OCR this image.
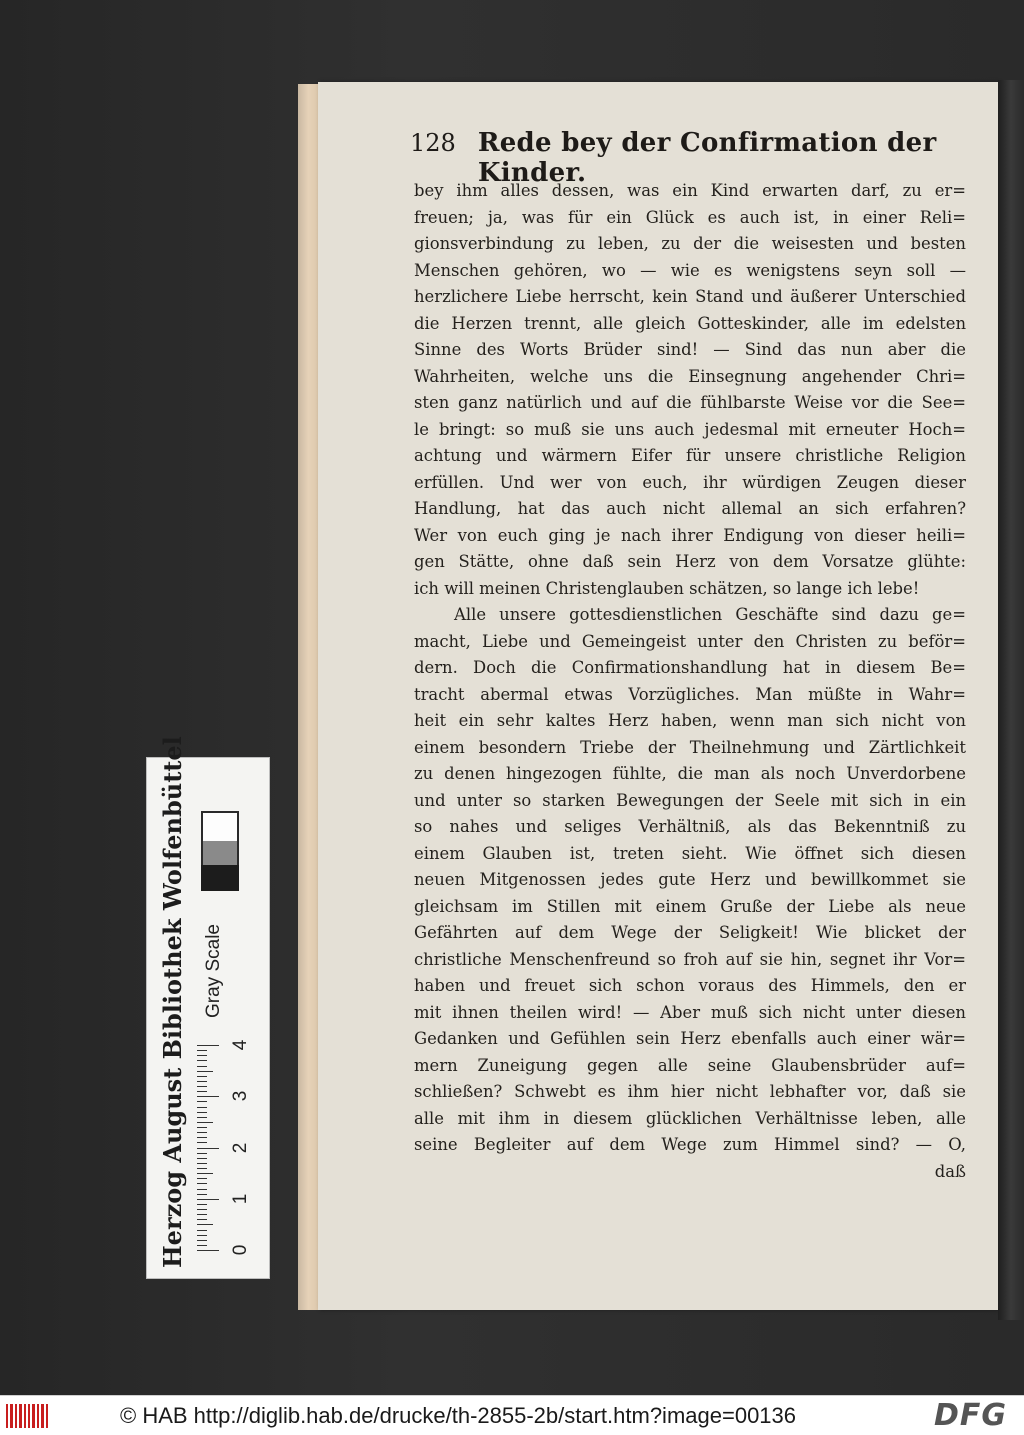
128 Rede bey der Confirmation der Kinder.
bey ihm alles dessen, was ein Kind erwarten darf, zu er=
freuen; ja, was für ein Glück es auch ist, in einer Reli=
gionsverbindung zu leben, zu der die weisesten und besten
Menschen gehören, wo — wie es wenigstens seyn soll —
herzlichere Liebe herrscht, kein Stand und äußerer Unterschied
die Herzen trennt, alle gleich Gotteskinder, alle im edelsten
Sinne des Worts Brüder sind! — Sind das nun aber die
Wahrheiten, welche uns die Einsegnung angehender Chri=
sten ganz natürlich und auf die fühlbarste Weise vor die See=
le bringt: so muß sie uns auch jedesmal mit erneuter Hoch=
achtung und wärmern Eifer für unsere christliche Religion
erfüllen. Und wer von euch, ihr würdigen Zeugen dieser
Handlung, hat das auch nicht allemal an sich erfahren?
Wer von euch ging je nach ihrer Endigung von dieser heili=
gen Stätte, ohne daß sein Herz von dem Vorsatze glühte:
ich will meinen Christenglauben schätzen, so lange ich lebe!
Alle unsere gottesdienstlichen Geschäfte sind dazu ge=
macht, Liebe und Gemeingeist unter den Christen zu beför=
dern. Doch die Confirmationshandlung hat in diesem Be=
tracht abermal etwas Vorzügliches. Man müßte in Wahr=
heit ein sehr kaltes Herz haben, wenn man sich nicht von
einem besondern Triebe der Theilnehmung und Zärtlichkeit
zu denen hingezogen fühlte, die man als noch Unverdorbene
und unter so starken Bewegungen der Seele mit sich in ein
so nahes und seliges Verhältniß, als das Bekenntniß zu
einem Glauben ist, treten sieht. Wie öffnet sich diesen
neuen Mitgenossen jedes gute Herz und bewillkommet sie
gleichsam im Stillen mit einem Gruße der Liebe als neue
Gefährten auf dem Wege der Seligkeit! Wie blicket der
christliche Menschenfreund so froh auf sie hin, segnet ihr Vor=
haben und freuet sich schon voraus des Himmels, den er
mit ihnen theilen wird! — Aber muß sich nicht unter diesen
Gedanken und Gefühlen sein Herz ebenfalls auch einer wär=
mern Zuneigung gegen alle seine Glaubensbrüder auf=
schließen? Schwebt es ihm hier nicht lebhafter vor, daß sie
alle mit ihm in diesem glücklichen Verhältnisse leben, alle
seine Begleiter auf dem Wege zum Himmel sind? — O,
daß
Herzog August Bibliothek Wolfenbüttel Gray Scale
0
1
2
3
4
© HAB http://diglib.hab.de/drucke/th-2855-2b/start.htm?image=00136	DFG
